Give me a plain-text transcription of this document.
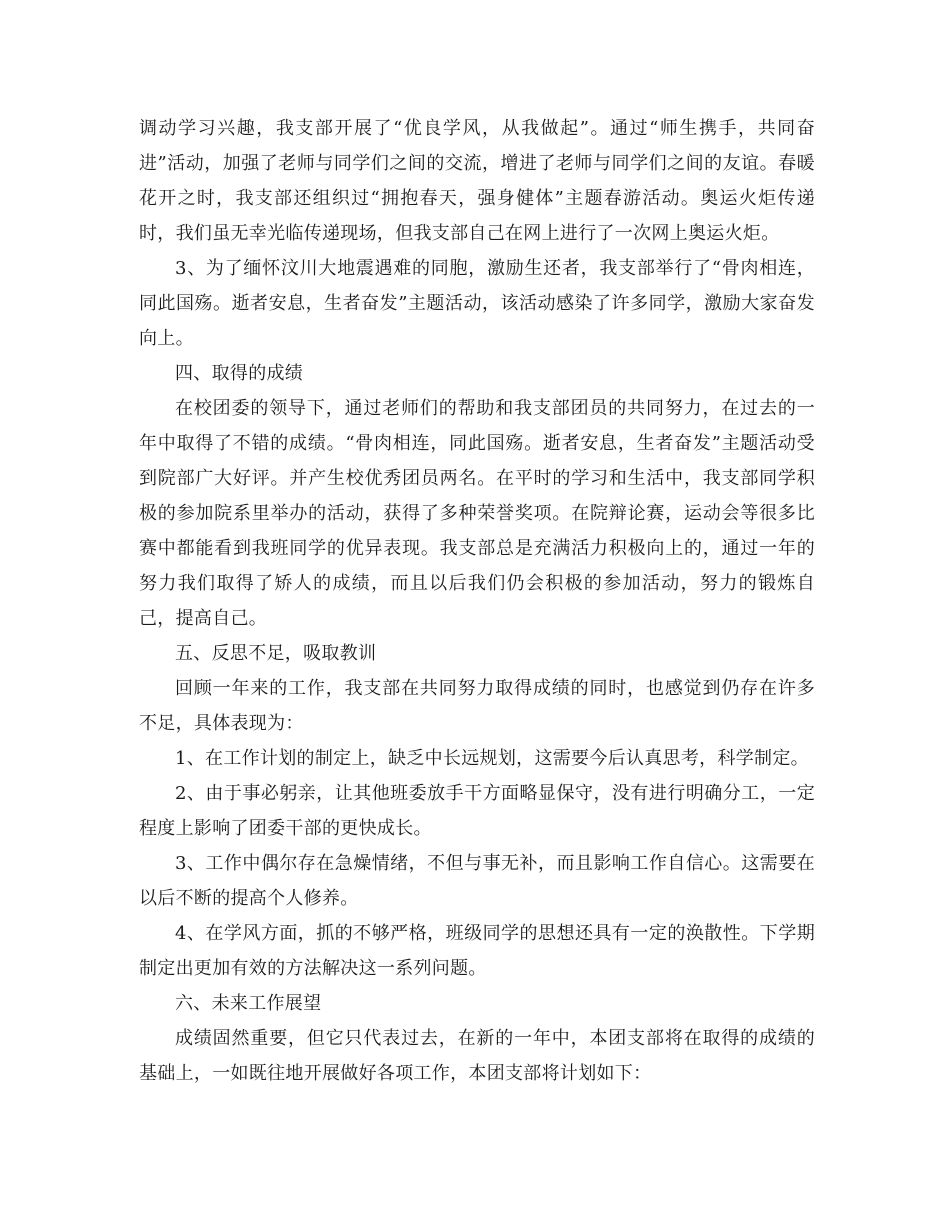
调动学习兴趣，我支部开展了“优良学风，从我做起”。通过“师生携手，共同奋进”活动，加强了老师与同学们之间的交流，增进了老师与同学们之间的友谊。春暖花开之时，我支部还组织过“拥抱春天，强身健体”主题春游活动。奥运火炬传递时，我们虽无幸光临传递现场，但我支部自己在网上进行了一次网上奥运火炬。

3、为了缅怀汶川大地震遇难的同胞，激励生还者，我支部举行了“骨肉相连，同此国殇。逝者安息，生者奋发”主题活动，该活动感染了许多同学，激励大家奋发向上。

四、取得的成绩

在校团委的领导下，通过老师们的帮助和我支部团员的共同努力，在过去的一年中取得了不错的成绩。“骨肉相连，同此国殇。逝者安息，生者奋发”主题活动受到院部广大好评。并产生校优秀团员两名。在平时的学习和生活中，我支部同学积极的参加院系里举办的活动，获得了多种荣誉奖项。在院辩论赛，运动会等很多比赛中都能看到我班同学的优异表现。我支部总是充满活力积极向上的，通过一年的努力我们取得了矫人的成绩，而且以后我们仍会积极的参加活动，努力的锻炼自己，提高自己。

五、反思不足，吸取教训

回顾一年来的工作，我支部在共同努力取得成绩的同时，也感觉到仍存在许多不足，具体表现为：

1、在工作计划的制定上，缺乏中长远规划，这需要今后认真思考，科学制定。

2、由于事必躬亲，让其他班委放手干方面略显保守，没有进行明确分工，一定程度上影响了团委干部的更快成长。

3、工作中偶尔存在急燥情绪，不但与事无补，而且影响工作自信心。这需要在以后不断的提高个人修养。

4、在学风方面，抓的不够严格，班级同学的思想还具有一定的涣散性。下学期制定出更加有效的方法解决这一系列问题。

六、未来工作展望

成绩固然重要，但它只代表过去，在新的一年中，本团支部将在取得的成绩的基础上，一如既往地开展做好各项工作，本团支部将计划如下：
